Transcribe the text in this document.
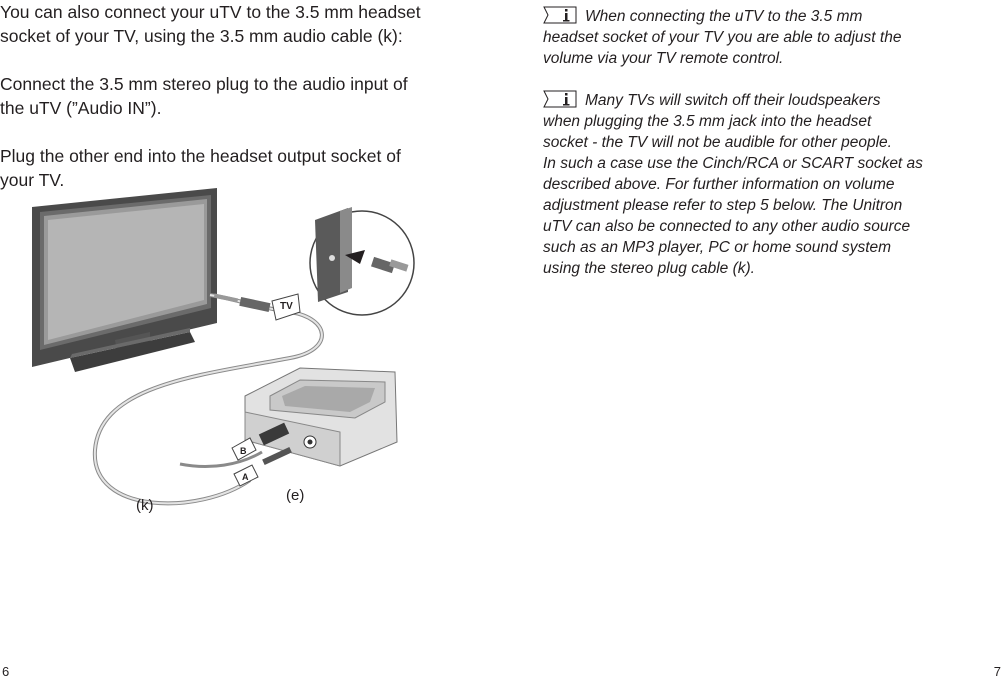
You can also connect your uTV to the 3.5 mm headset
socket of your TV, using the 3.5 mm audio cable (k):

Connect the 3.5 mm stereo plug to the audio input of
the uTV (”Audio IN”).

Plug the other end into the headset output socket of
your TV.

TV
B
A
(k)
(e)
When connecting the uTV to the 3.5 mm
headset socket of your TV you are able to adjust the
volume via your TV remote control.
Many TVs will switch off their loudspeakers
when plugging the 3.5 mm jack into the headset
socket - the TV will not be audible for other people.
In such a case use the Cinch/RCA or SCART socket as
described above. For further information on volume
adjustment please refer to step 5 below. The Unitron
uTV can also be connected to any other audio source
such as an MP3 player, PC or home sound system
using the stereo plug cable (k).
6	7
